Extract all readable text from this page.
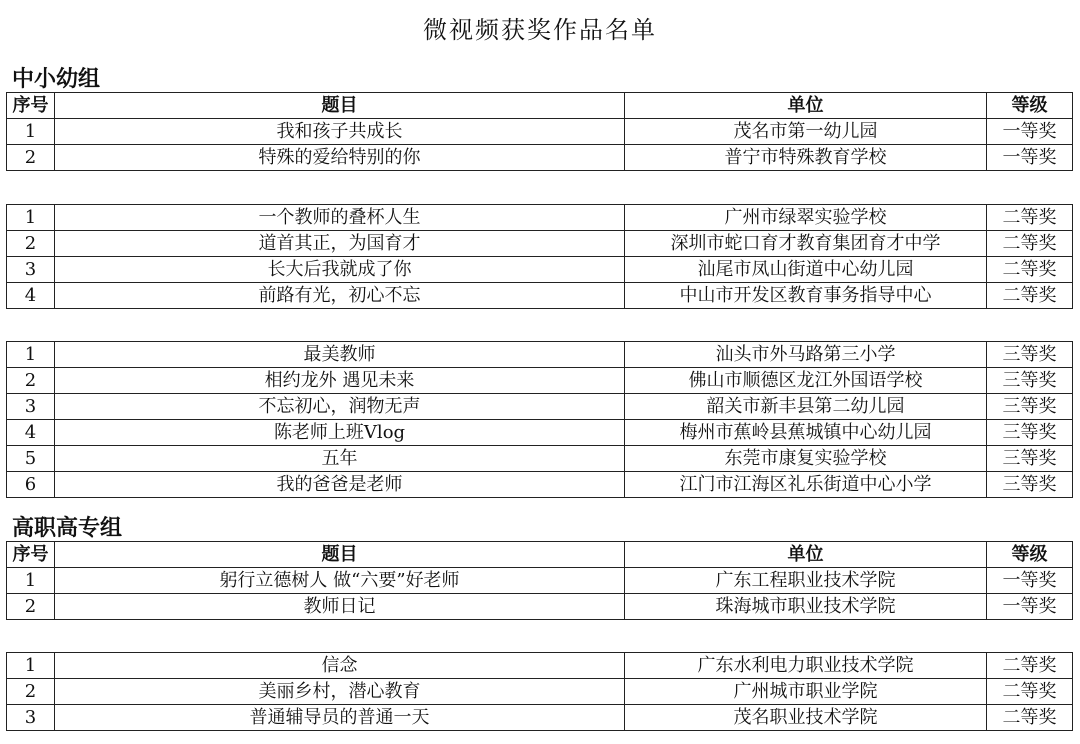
微视频获奖作品名单
中小幼组
序号	题目	单位	等级
1	我和孩子共成长	茂名市第一幼儿园	一等奖
2	特殊的爱给特别的你	普宁市特殊教育学校	一等奖
1	一个教师的叠杯人生	广州市绿翠实验学校	二等奖
2	道首其正，为国育才	深圳市蛇口育才教育集团育才中学	二等奖
3	长大后我就成了你	汕尾市凤山街道中心幼儿园	二等奖
4	前路有光，初心不忘	中山市开发区教育事务指导中心	二等奖
1	最美教师	汕头市外马路第三小学	三等奖
2	相约龙外 遇见未来	佛山市顺德区龙江外国语学校	三等奖
3	不忘初心，润物无声	韶关市新丰县第二幼儿园	三等奖
4	陈老师上班Vlog	梅州市蕉岭县蕉城镇中心幼儿园	三等奖
5	五年	东莞市康复实验学校	三等奖
6	我的爸爸是老师	江门市江海区礼乐街道中心小学	三等奖
高职高专组
序号	题目	单位	等级
1	躬行立德树人 做“六要”好老师	广东工程职业技术学院	一等奖
2	教师日记	珠海城市职业技术学院	一等奖
1	信念	广东水利电力职业技术学院	二等奖
2	美丽乡村，潜心教育	广州城市职业学院	二等奖
3	普通辅导员的普通一天	茂名职业技术学院	二等奖
